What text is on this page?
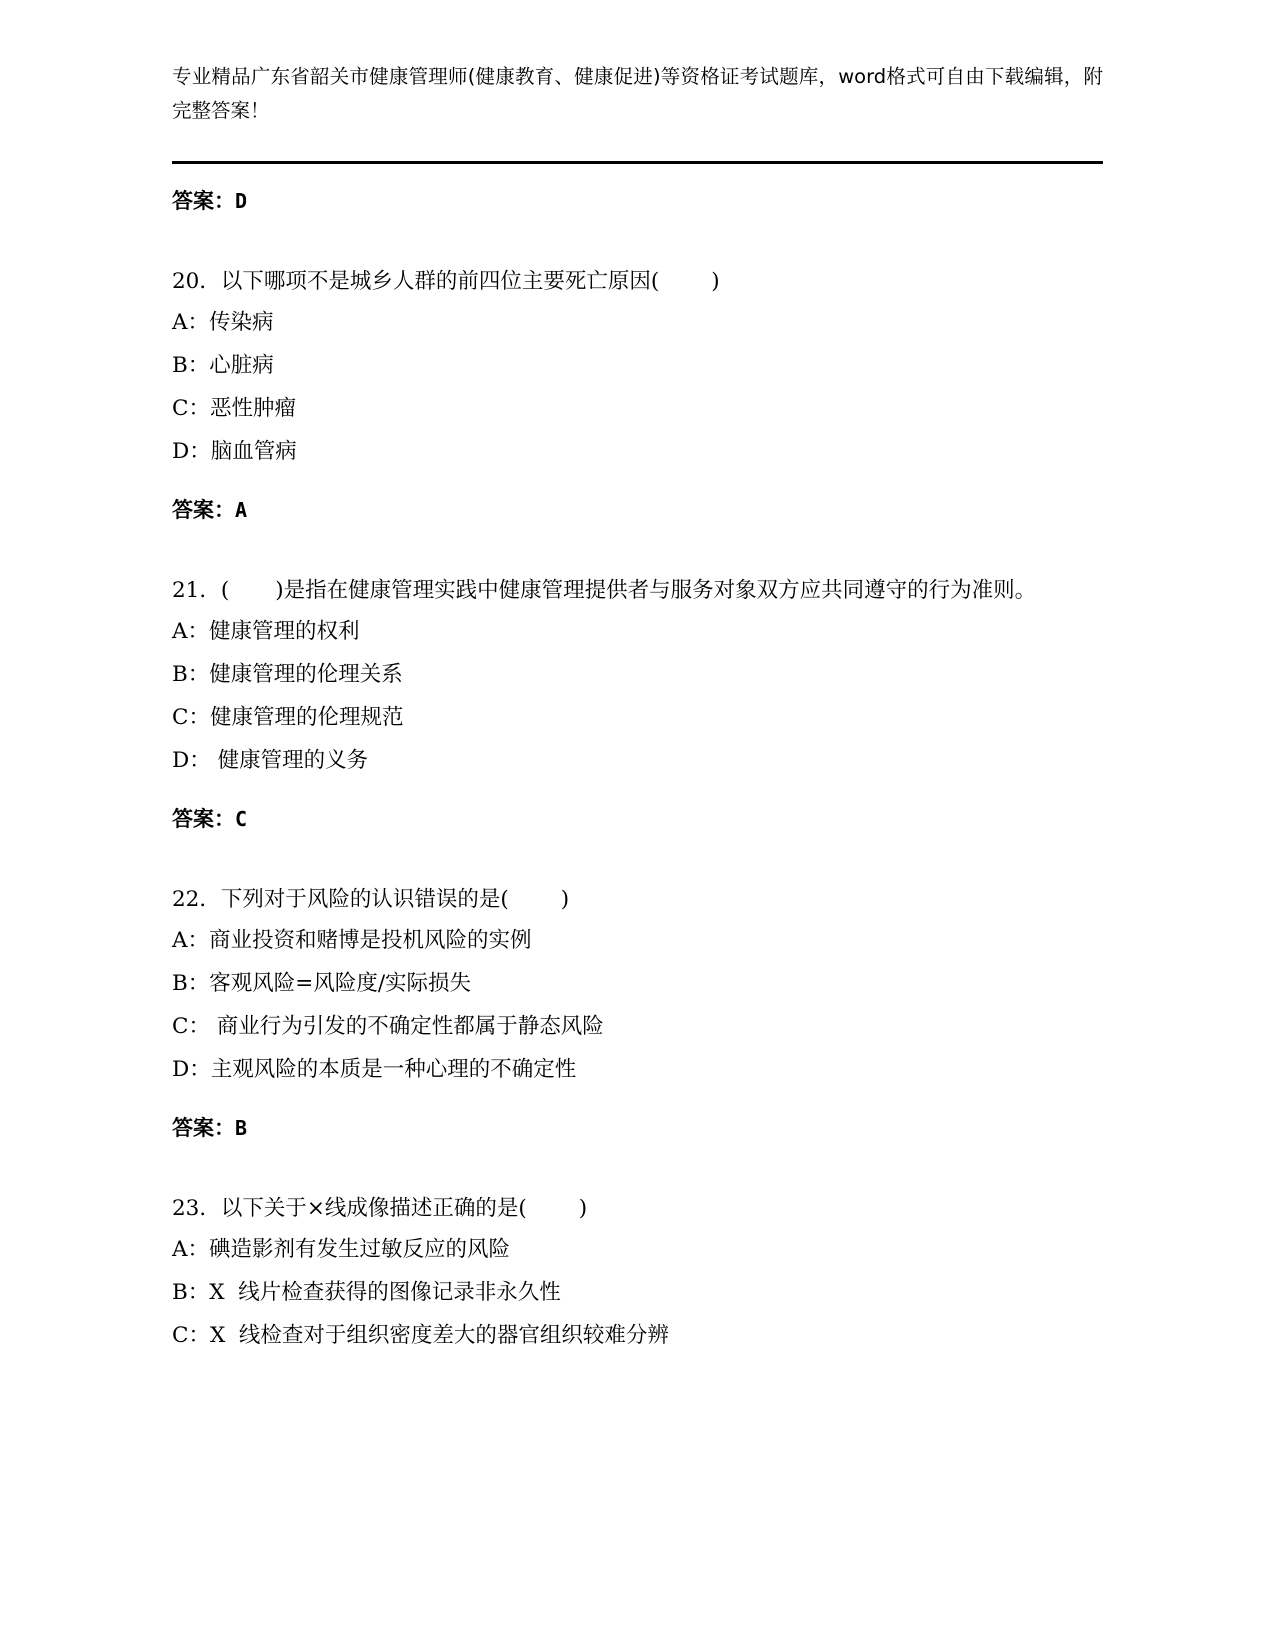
专业精品广东省韶关市健康管理师(健康教育、健康促进)等资格证考试题库，word格式可自由下载编辑，附完整答案！
答案：D
20．以下哪项不是城乡人群的前四位主要死亡原因( )
A：传染病
B：心脏病
C：恶性肿瘤
D：脑血管病
答案：A
21．( )是指在健康管理实践中健康管理提供者与服务对象双方应共同遵守的行为准则。
A：健康管理的权利
B：健康管理的伦理关系
C：健康管理的伦理规范
D： 健康管理的义务
答案：C
22．下列对于风险的认识错误的是( )
A：商业投资和赌博是投机风险的实例
B：客观风险=风险度/实际损失
C： 商业行为引发的不确定性都属于静态风险
D：主观风险的本质是一种心理的不确定性
答案：B
23．以下关于×线成像描述正确的是( )
A：碘造影剂有发生过敏反应的风险
B：X  线片检查获得的图像记录非永久性
C：X  线检查对于组织密度差大的器官组织较难分辨
